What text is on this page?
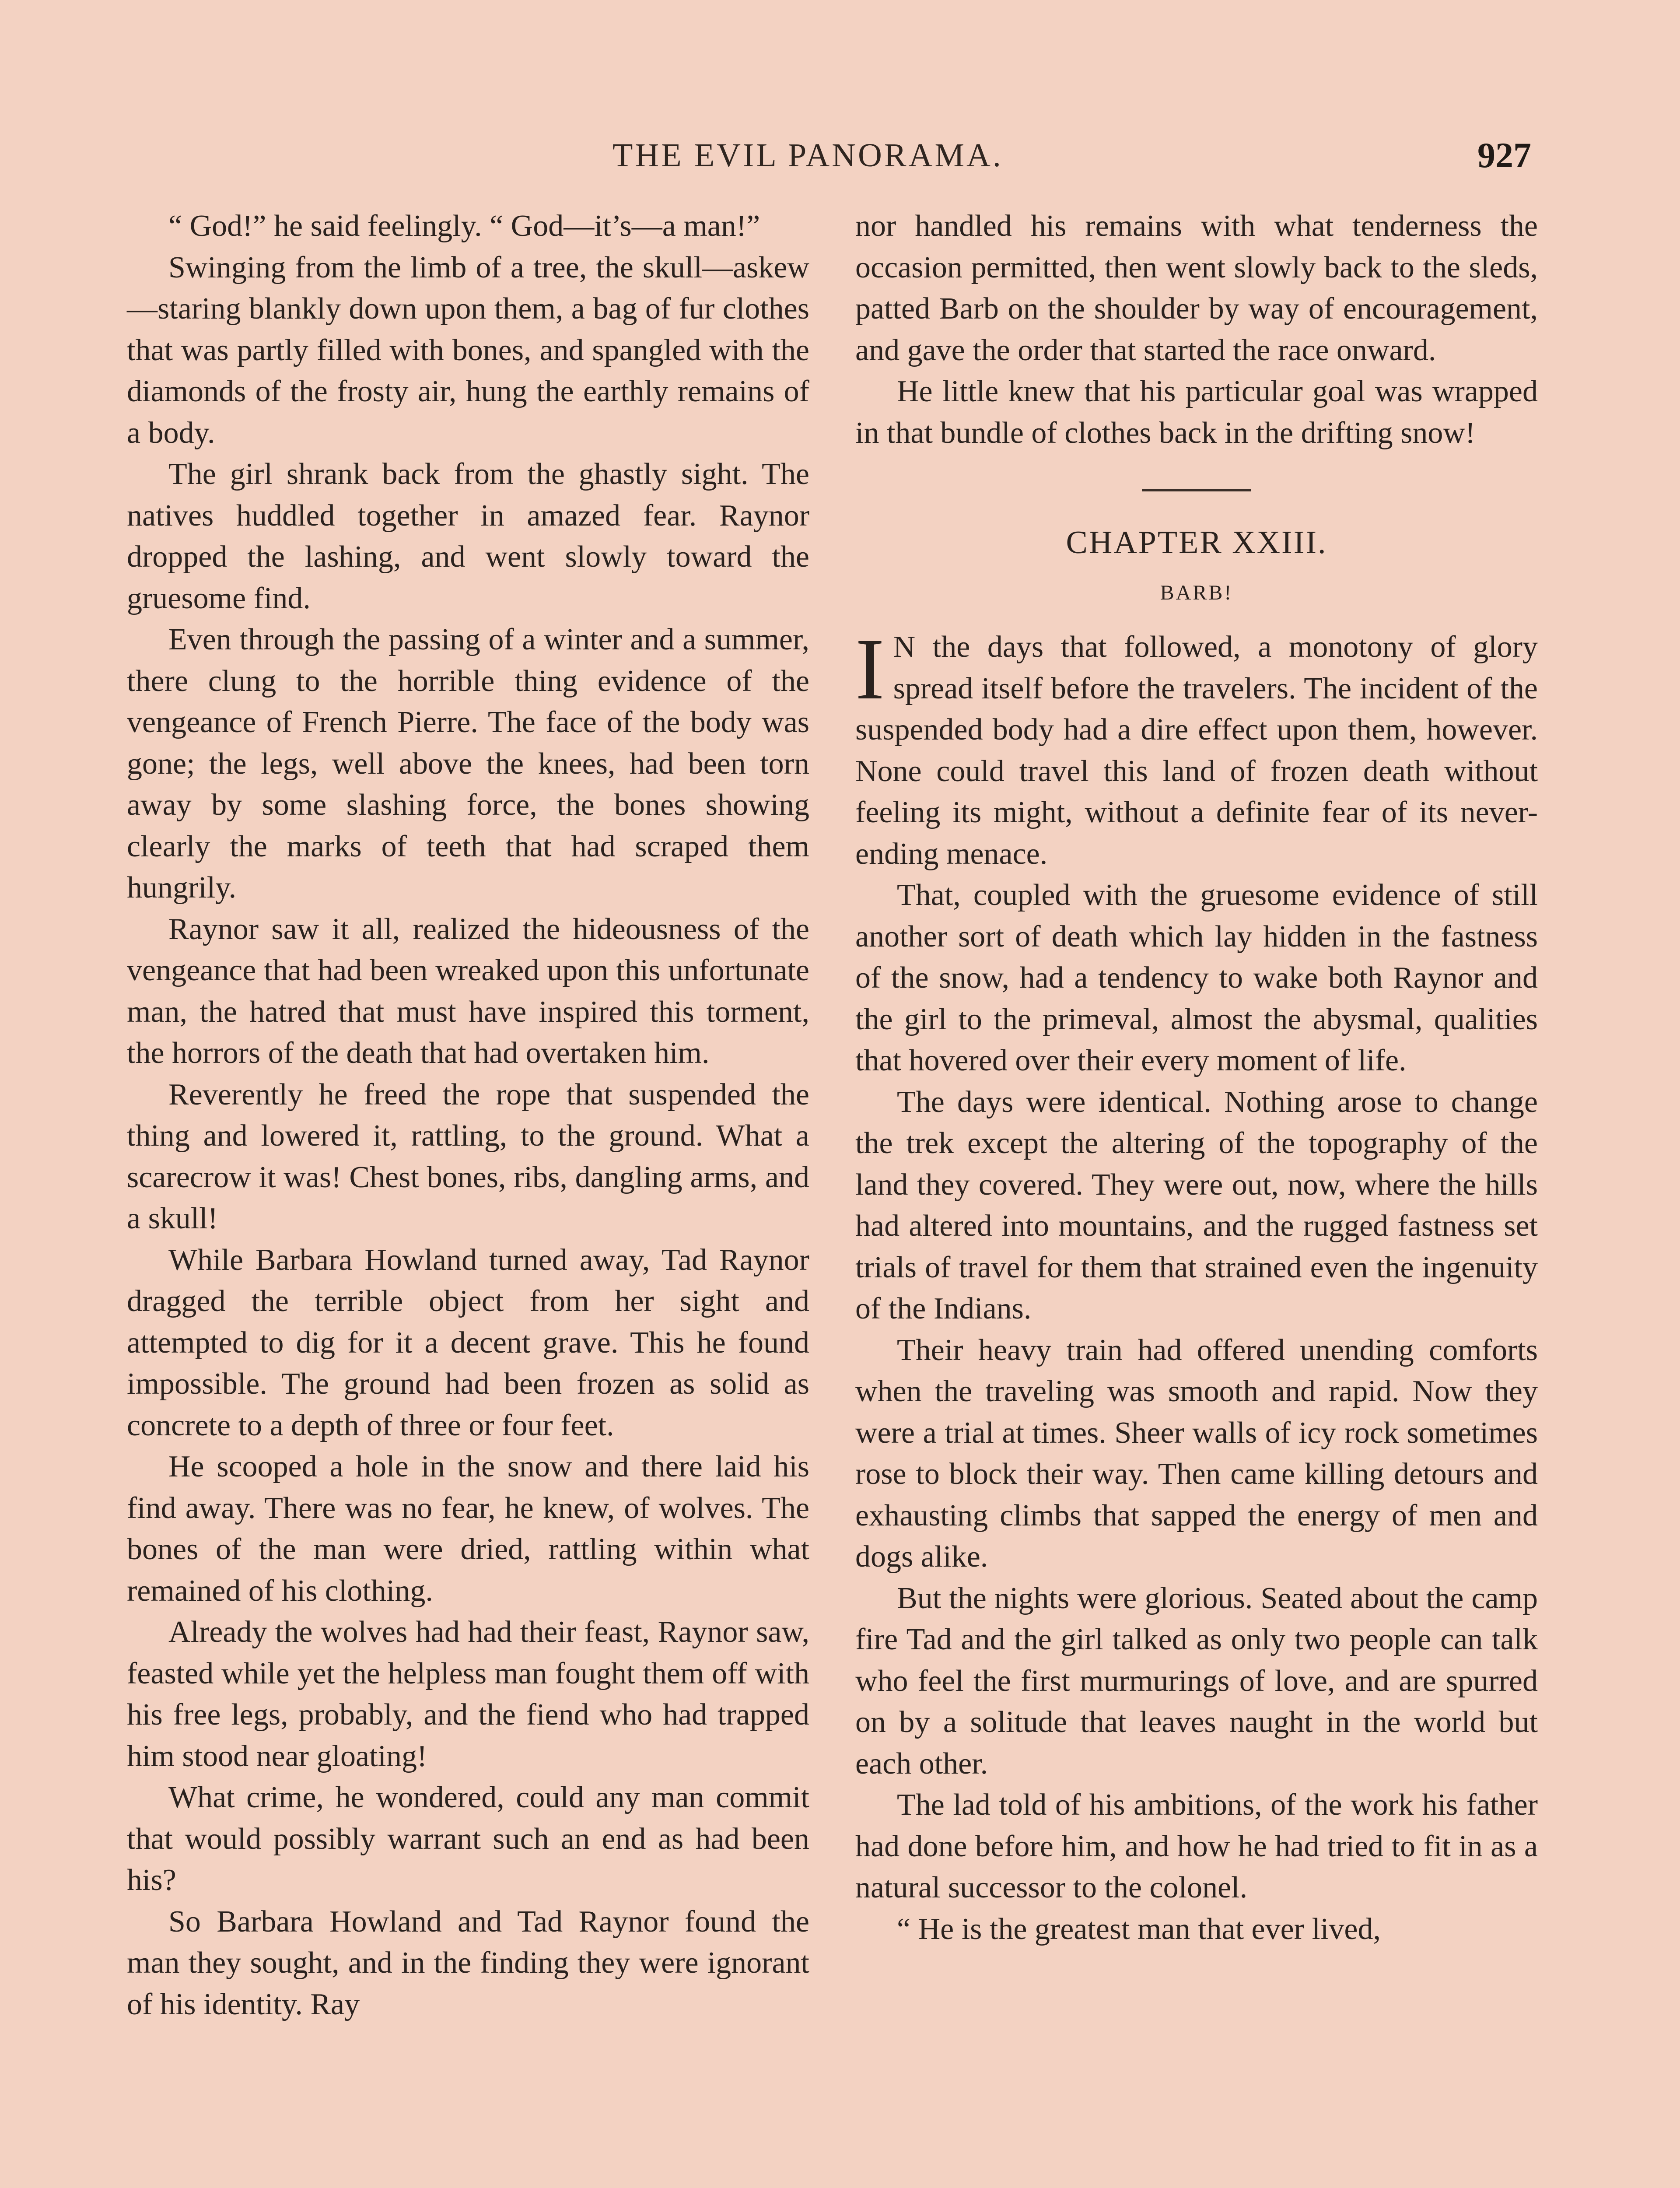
THE EVIL PANORAMA.	927

“ God!” he said feelingly. “ God—it’s—a man!”

Swinging from the limb of a tree, the skull—askew—staring blankly down upon them, a bag of fur clothes that was partly filled with bones, and spangled with the diamonds of the frosty air, hung the earthly remains of a body.

The girl shrank back from the ghastly sight. The natives huddled together in amazed fear. Raynor dropped the lashing, and went slowly toward the gruesome find.

Even through the passing of a winter and a summer, there clung to the horrible thing evidence of the vengeance of French Pierre. The face of the body was gone; the legs, well above the knees, had been torn away by some slashing force, the bones showing clearly the marks of teeth that had scraped them hungrily.

Raynor saw it all, realized the hideousness of the vengeance that had been wreaked upon this unfortunate man, the hatred that must have inspired this torment, the horrors of the death that had overtaken him.

Reverently he freed the rope that suspended the thing and lowered it, rattling, to the ground. What a scarecrow it was! Chest bones, ribs, dangling arms, and a skull!

While Barbara Howland turned away, Tad Raynor dragged the terrible object from her sight and attempted to dig for it a decent grave. This he found impossible. The ground had been frozen as solid as concrete to a depth of three or four feet.

He scooped a hole in the snow and there laid his find away. There was no fear, he knew, of wolves. The bones of the man were dried, rattling within what remained of his clothing.

Already the wolves had had their feast, Raynor saw, feasted while yet the helpless man fought them off with his free legs, probably, and the fiend who had trapped him stood near gloating!

What crime, he wondered, could any man commit that would possibly warrant such an end as had been his?

So Barbara Howland and Tad Raynor found the man they sought, and in the finding they were ignorant of his identity. Ray

nor handled his remains with what tenderness the occasion permitted, then went slowly back to the sleds, patted Barb on the shoulder by way of encouragement, and gave the order that started the race onward.

He little knew that his particular goal was wrapped in that bundle of clothes back in the drifting snow!

CHAPTER XXIII.

BARB!

I N the days that followed, a monotony of glory spread itself before the travelers. The incident of the suspended body had a dire effect upon them, however. None could travel this land of frozen death without feeling its might, without a definite fear of its never-ending menace.

That, coupled with the gruesome evidence of still another sort of death which lay hidden in the fastness of the snow, had a tendency to wake both Raynor and the girl to the primeval, almost the abysmal, qualities that hovered over their every moment of life.

The days were identical. Nothing arose to change the trek except the altering of the topography of the land they covered. They were out, now, where the hills had altered into mountains, and the rugged fastness set trials of travel for them that strained even the ingenuity of the Indians.

Their heavy train had offered unending comforts when the traveling was smooth and rapid. Now they were a trial at times. Sheer walls of icy rock sometimes rose to block their way. Then came killing detours and exhausting climbs that sapped the energy of men and dogs alike.

But the nights were glorious. Seated about the camp fire Tad and the girl talked as only two people can talk who feel the first murmurings of love, and are spurred on by a solitude that leaves naught in the world but each other.

The lad told of his ambitions, of the work his father had done before him, and how he had tried to fit in as a natural successor to the colonel.

“ He is the greatest man that ever lived,
